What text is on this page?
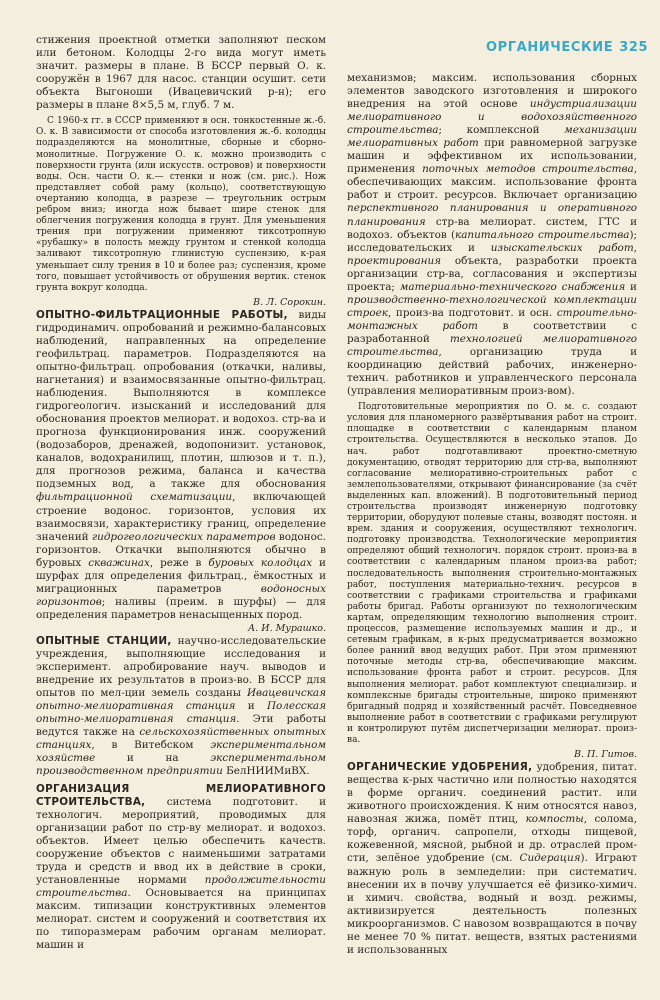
ОРГАНИЧЕСКИЕ 325

стижения проектной отметки заполняют песком или бетоном. Колодцы 2-го вида могут иметь значит. размеры в плане. В БССР первый О. к. сооружён в 1967 для насос. станции осушит. сети объекта Выгоноши (Ивацевичский р-н); его размеры в плане 8×5,5 м, глуб. 7 м.

С 1960-х гг. в СССР применяют в осн. тонкостенные ж.-б. О. к. В зависимости от способа изготовления ж.-б. колодцы подразделяются на монолитные, сборные и сборно-монолитные. Погружение О. к. можно производить с поверхности грунта (или искусств. островов) и поверхности воды. Осн. части О. к.— стенки и нож (см. рис.). Нож представляет собой раму (кольцо), соответствующую очертанию колодца, в разрезе — треугольник острым ребром вниз; иногда нож бывает шире стенок для облегчения погружения колодца в грунт. Для уменьшения трения при погружении применяют тиксотропную «рубашку» в полость между грунтом и стенкой колодца заливают тиксотропную глинистую суспензию, к-рая уменьшает силу трения в 10 и более раз; суспензия, кроме того, повышает устойчивость от обрушения вертик. стенок грунта вокруг колодца.

В. Л. Сорокин.

ОПЫТНО-ФИЛЬТРАЦИОННЫЕ РАБОТЫ, виды гидродинамич. опробований и режимно-балансовых наблюдений, направленных на определение геофильтрац. параметров. Подразделяются на опытно-фильтрац. опробования (откачки, наливы, нагнетания) и взаимосвязанные опытно-фильтрац. наблюдения. Выполняются в комплексе гидрогеологич. изысканий и исследований для обоснования проектов мелиорат. и водохоз. стр-ва и прогноза функционирования инж. сооружений (водозаборов, дренажей, водопонизит. установок, каналов, водохранилищ, плотин, шлюзов и т. п.), для прогнозов режима, баланса и качества подземных вод, а также для обоснования фильтрационной схематизации, включающей строение водонос. горизонтов, условия их взаимосвязи, характеристику границ, определение значений гидрогеологических параметров водонос. горизонтов. Откачки выполняются обычно в буровых скважинах, реже в буровых колодцах и шурфах для определения фильтрац., ёмкостных и миграционных параметров водоносных горизонтов; наливы (преим. в шурфы) — для определения параметров ненасыщенных пород.

А. И. Мурашко.

ОПЫТНЫЕ СТАНЦИИ, научно-исследовательские учреждения, выполняющие исследования и эксперимент. апробирование науч. выводов и внедрение их результатов в произ-во. В БССР для опытов по мел-ции земель созданы Ивацевичская опытно-мелиоративная станция и Полесская опытно-мелиоративная станция. Эти работы ведутся также на сельскохозяйственных опытных станциях, в Витебском экспериментальном хозяйстве и на экспериментальном производственном предприятии БелНИИМиВХ.

ОРГАНИЗАЦИЯ МЕЛИОРАТИВНОГО СТРОИТЕЛЬСТВА, система подготовит. и технологич. мероприятий, проводимых для организации работ по стр-ву мелиорат. и водохоз. объектов. Имеет целью обеспечить качеств. сооружение объектов с наименьшими затратами труда и средств и ввод их в действие в сроки, установленные нормами продолжительности строительства. Основывается на принципах максим. типизации конструктивных элементов мелиорат. систем и сооружений и соответствия их по типоразмерам рабочим органам мелиорат. машин и

механизмов; максим. использования сборных элементов заводского изготовления и широкого внедрения на этой основе индустриализации мелиоративного и водохозяйственного строительства; комплексной механизации мелиоративных работ при равномерной загрузке машин и эффективном их использовании, применения поточных методов строительства, обеспечивающих максим. использование фронта работ и строит. ресурсов. Включает организацию перспективного планирования и оперативного планирования стр-ва мелиорат. систем, ГТС и водохоз. объектов (капитального строительства); исследовательских и изыскательских работ, проектирования объекта, разработки проекта организации стр-ва, согласования и экспертизы проекта; материально-технического снабжения и производственно-технологической комплектации строек, произ-ва подготовит. и осн. строительно-монтажных работ в соответствии с разработанной технологией мелиоративного строительства, организацию труда и координацию действий рабочих, инженерно-технич. работников и управленческого персонала (управления мелиоративным произ-вом).

Подготовительные мероприятия по О. м. с. создают условия для планомерного развёртывания работ на строит. площадке в соответствии с календарным планом строительства. Осуществляются в несколько этапов. До нач. работ подготавливают проектно-сметную документацию, отводят территорию для стр-ва, выполняют согласование мелиоративно-строительных работ с землепользователями, открывают финансирование (за счёт выделенных кап. вложений). В подготовительный период строительства производят инженерную подготовку территории, оборудуют полевые станы, возводят постоян. и врем. здания и сооружения, осуществляют технологич. подготовку производства. Технологические мероприятия определяют общий технологич. порядок строит. произ-ва в соответствии с календарным планом произ-ва работ; последовательность выполнения строительно-монтажных работ, поступления материально-технич. ресурсов в соответствии с графиками строительства и графиками работы бригад. Работы организуют по технологическим картам, определяющим технологию выполнения строит. процессов, размещение используемых машин и др., и сетевым графикам, в к-рых предусматривается возможно более ранний ввод ведущих работ. При этом применяют поточные методы стр-ва, обеспечивающие максим. использование фронта работ и строит. ресурсов. Для выполнения мелиорат. работ комплектуют специализир. и комплексные бригады строительные, широко применяют бригадный подряд и хозяйственный расчёт. Повседневное выполнение работ в соответствии с графиками регулируют и контролируют путём диспетчеризации мелиорат. произ-ва.

В. П. Гитов.

ОРГАНИЧЕСКИЕ УДОБРЕНИЯ, удобрения, питат. вещества к-рых частично или полностью находятся в форме органич. соединений растит. или животного происхождения. К ним относятся навоз, навозная жижа, помёт птиц, компосты, солома, торф, органич. сапропели, отходы пищевой, кожевенной, мясной, рыбной и др. отраслей пром-сти, зелёное удобрение (см. Сидерация). Играют важную роль в земледелии: при систематич. внесении их в почву улучшается её физико-химич. и химич. свойства, водный и возд. режимы, активизируется деятельность полезных микроорганизмов. С навозом возвращаются в почву не менее 70 % питат. веществ, взятых растениями и использованных
